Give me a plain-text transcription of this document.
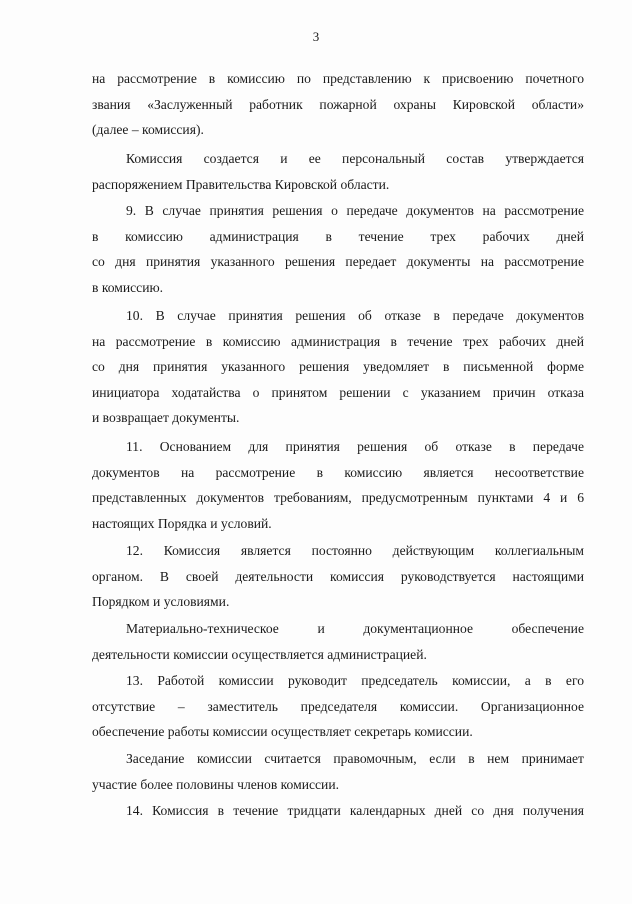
3

на рассмотрение в комиссию по представлению к присвоению почетного
звания «Заслуженный работник пожарной охраны Кировской области»
(далее – комиссия).

Комиссия создается и ее персональный состав утверждается
распоряжением Правительства Кировской области.

9. В случае принятия решения о передаче документов на рассмотрение
в комиссию администрация в течение трех рабочих дней
со дня принятия указанного решения передает документы на рассмотрение
в комиссию.

10. В случае принятия решения об отказе в передаче документов
на рассмотрение в комиссию администрация в течение трех рабочих дней
со дня принятия указанного решения уведомляет в письменной форме
инициатора ходатайства о принятом решении с указанием причин отказа
и возвращает документы.

11. Основанием для принятия решения об отказе в передаче
документов на рассмотрение в комиссию является несоответствие
представленных документов требованиям, предусмотренным пунктами 4 и 6
настоящих Порядка и условий.

12. Комиссия является постоянно действующим коллегиальным
органом. В своей деятельности комиссия руководствуется настоящими
Порядком и условиями.

Материально-техническое и документационное обеспечение
деятельности комиссии осуществляется администрацией.

13. Работой комиссии руководит председатель комиссии, а в его
отсутствие – заместитель председателя комиссии. Организационное
обеспечение работы комиссии осуществляет секретарь комиссии.

Заседание комиссии считается правомочным, если в нем принимает
участие более половины членов комиссии.

14. Комиссия в течение тридцати календарных дней со дня получения
